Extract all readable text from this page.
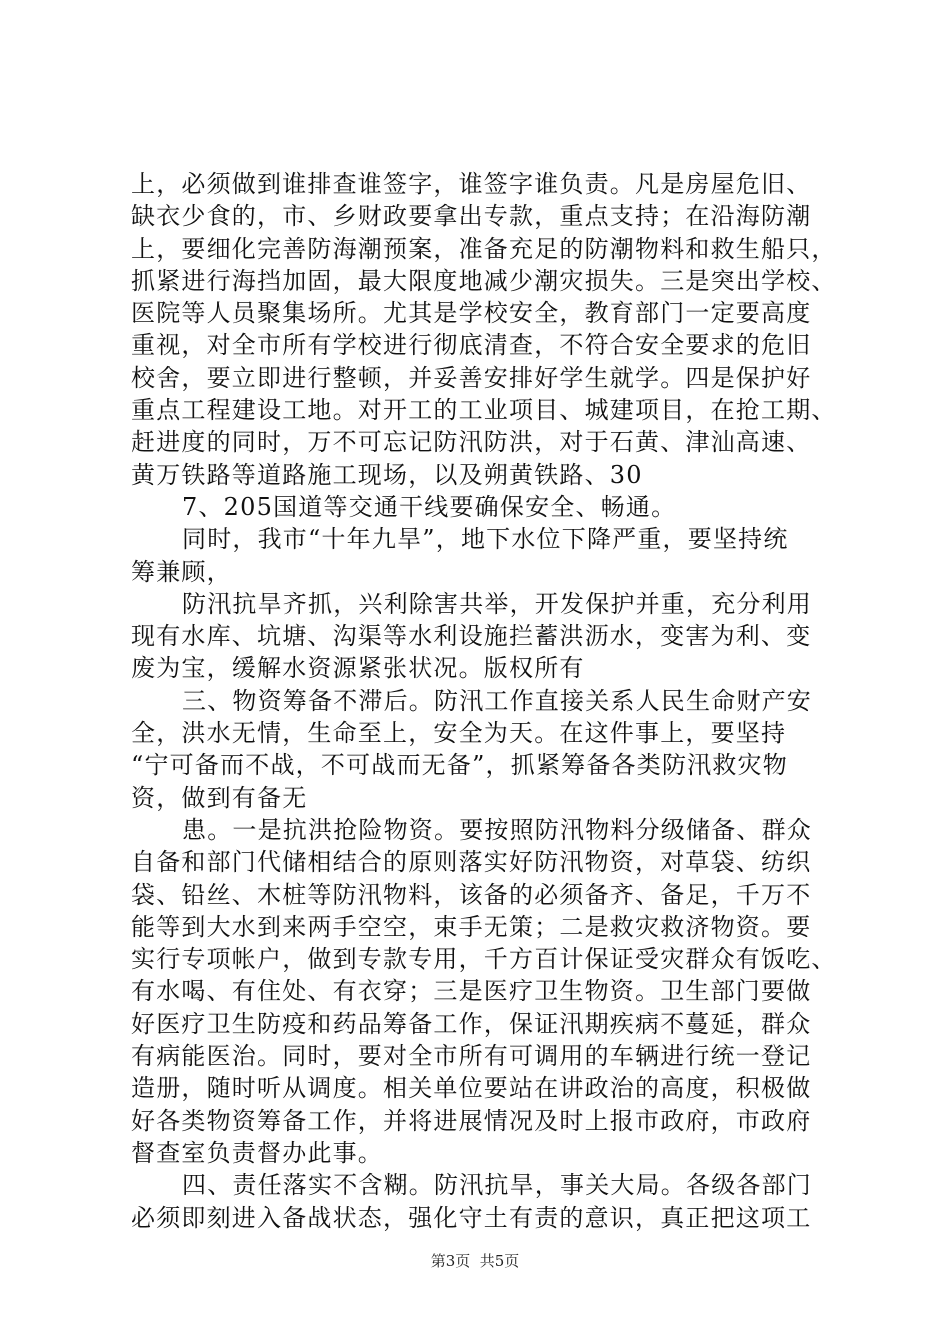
上，必须做到谁排查谁签字，谁签字谁负责。凡是房屋危旧、
缺衣少食的，市、乡财政要拿出专款，重点支持；在沿海防潮
上，要细化完善防海潮预案，准备充足的防潮物料和救生船只，
抓紧进行海挡加固，最大限度地减少潮灾损失。三是突出学校、
医院等人员聚集场所。尤其是学校安全，教育部门一定要高度
重视，对全市所有学校进行彻底清查，不符合安全要求的危旧
校舍，要立即进行整顿，并妥善安排好学生就学。四是保护好
重点工程建设工地。对开工的工业项目、城建项目，在抢工期、
赶进度的同时，万不可忘记防汛防洪，对于石黄、津汕高速、
黄万铁路等道路施工现场，以及朔黄铁路、30
7、205国道等交通干线要确保安全、畅通。
同时，我市“十年九旱”，地下水位下降严重，要坚持统
筹兼顾，
防汛抗旱齐抓，兴利除害共举，开发保护并重，充分利用
现有水库、坑塘、沟渠等水利设施拦蓄洪沥水，变害为利、变
废为宝，缓解水资源紧张状况。版权所有
三、物资筹备不滞后。防汛工作直接关系人民生命财产安
全，洪水无情，生命至上，安全为天。在这件事上，要坚持
“宁可备而不战，不可战而无备”，抓紧筹备各类防汛救灾物
资，做到有备无
患。一是抗洪抢险物资。要按照防汛物料分级储备、群众
自备和部门代储相结合的原则落实好防汛物资，对草袋、纺织
袋、铅丝、木桩等防汛物料，该备的必须备齐、备足，千万不
能等到大水到来两手空空，束手无策；二是救灾救济物资。要
实行专项帐户，做到专款专用，千方百计保证受灾群众有饭吃、
有水喝、有住处、有衣穿；三是医疗卫生物资。卫生部门要做
好医疗卫生防疫和药品筹备工作，保证汛期疾病不蔓延，群众
有病能医治。同时，要对全市所有可调用的车辆进行统一登记
造册，随时听从调度。相关单位要站在讲政治的高度，积极做
好各类物资筹备工作，并将进展情况及时上报市政府，市政府
督查室负责督办此事。
四、责任落实不含糊。防汛抗旱，事关大局。各级各部门
必须即刻进入备战状态，强化守土有责的意识，真正把这项工
第3页  共5页
